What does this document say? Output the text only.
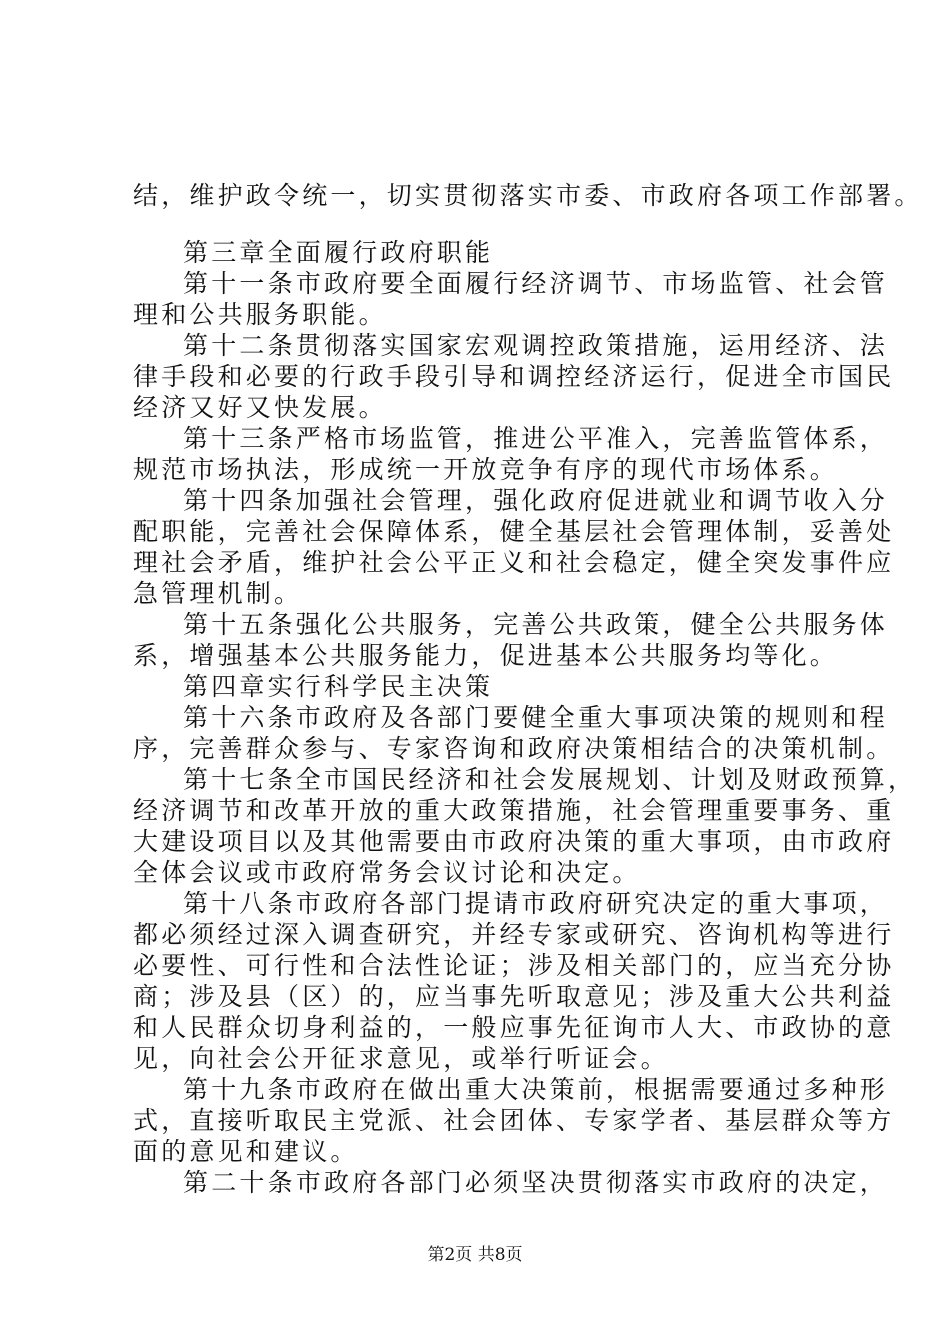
结，维护政令统一，切实贯彻落实市委、市政府各项工作部署。
第三章全面履行政府职能
第十一条市政府要全面履行经济调节、市场监管、社会管
理和公共服务职能。
第十二条贯彻落实国家宏观调控政策措施，运用经济、法
律手段和必要的行政手段引导和调控经济运行，促进全市国民
经济又好又快发展。
第十三条严格市场监管，推进公平准入，完善监管体系，
规范市场执法，形成统一开放竞争有序的现代市场体系。
第十四条加强社会管理，强化政府促进就业和调节收入分
配职能，完善社会保障体系，健全基层社会管理体制，妥善处
理社会矛盾，维护社会公平正义和社会稳定，健全突发事件应
急管理机制。
第十五条强化公共服务，完善公共政策，健全公共服务体
系，增强基本公共服务能力，促进基本公共服务均等化。
第四章实行科学民主决策
第十六条市政府及各部门要健全重大事项决策的规则和程
序，完善群众参与、专家咨询和政府决策相结合的决策机制。
第十七条全市国民经济和社会发展规划、计划及财政预算，
经济调节和改革开放的重大政策措施，社会管理重要事务、重
大建设项目以及其他需要由市政府决策的重大事项，由市政府
全体会议或市政府常务会议讨论和决定。
第十八条市政府各部门提请市政府研究决定的重大事项，
都必须经过深入调查研究，并经专家或研究、咨询机构等进行
必要性、可行性和合法性论证；涉及相关部门的，应当充分协
商；涉及县（区）的，应当事先听取意见；涉及重大公共利益
和人民群众切身利益的，一般应事先征询市人大、市政协的意
见，向社会公开征求意见，或举行听证会。
第十九条市政府在做出重大决策前，根据需要通过多种形
式，直接听取民主党派、社会团体、专家学者、基层群众等方
面的意见和建议。
第二十条市政府各部门必须坚决贯彻落实市政府的决定，
第2页 共8页
